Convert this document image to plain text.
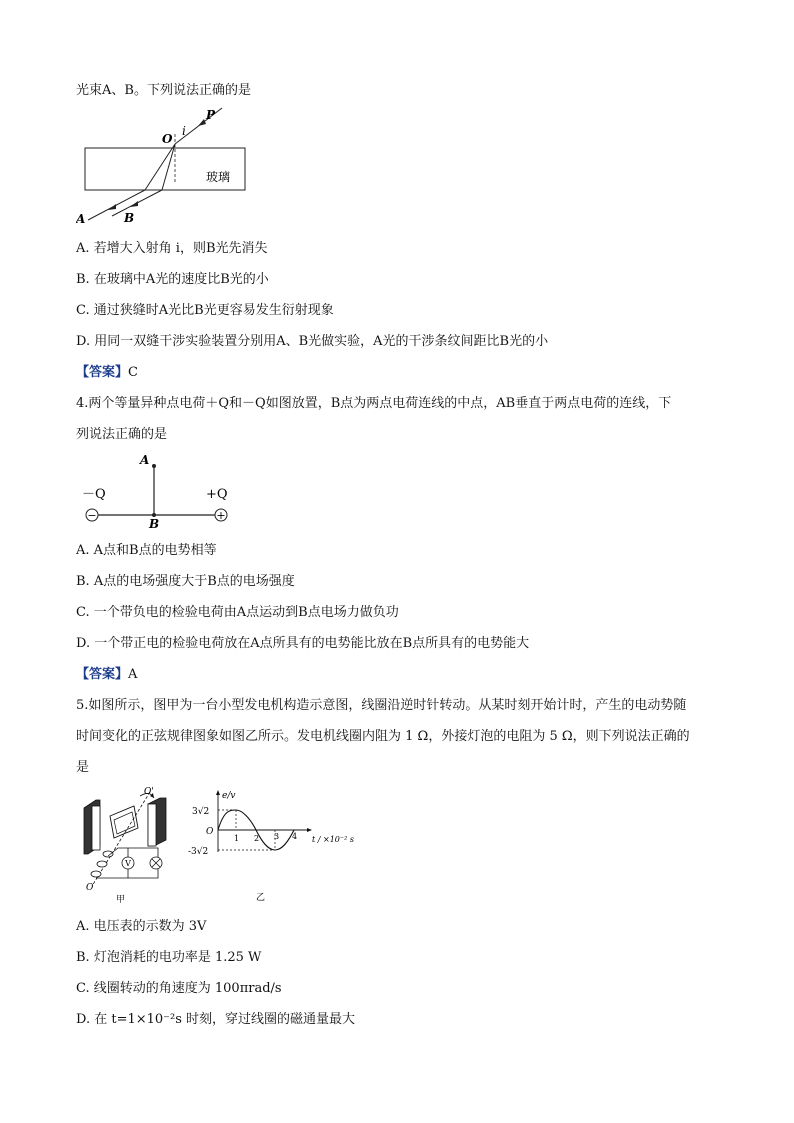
光束A、B。下列说法正确的是
O
i
P
玻璃
A	B
A. 若增大入射角 i，则B光先消失
B. 在玻璃中A光的速度比B光的小
C. 通过狭缝时A光比B光更容易发生衍射现象
D. 用同一双缝干涉实验装置分别用A、B光做实验，A光的干涉条纹间距比B光的小
【答案】C
4.两个等量异种点电荷＋Q和－Q如图放置，B点为两点电荷连线的中点，AB垂直于两点电荷的连线，下
列说法正确的是
−	+
A
B
－Q	+Q
A. A点和B点的电势相等
B. A点的电场强度大于B点的电场强度
C. 一个带负电的检验电荷由A点运动到B点电场力做负功
D. 一个带正电的检验电荷放在A点所具有的电势能比放在B点所具有的电势能大
【答案】A
5.如图所示，图甲为一台小型发电机构造示意图，线圈沿逆时针转动。从某时刻开始计时，产生的电动势随
时间变化的正弦规律图象如图乙所示。发电机线圈内阻为 1 Ω，外接灯泡的电阻为 5 Ω，则下列说法正确的
是
V
O'
O
甲
e/v
3√2
O
-3√2
1 2 3 4 t / ×10⁻² s
乙
A. 电压表的示数为 3V
B. 灯泡消耗的电功率是 1.25 W
C. 线圈转动的角速度为 100πrad/s
D. 在 t=1×10⁻²s 时刻，穿过线圈的磁通量最大
